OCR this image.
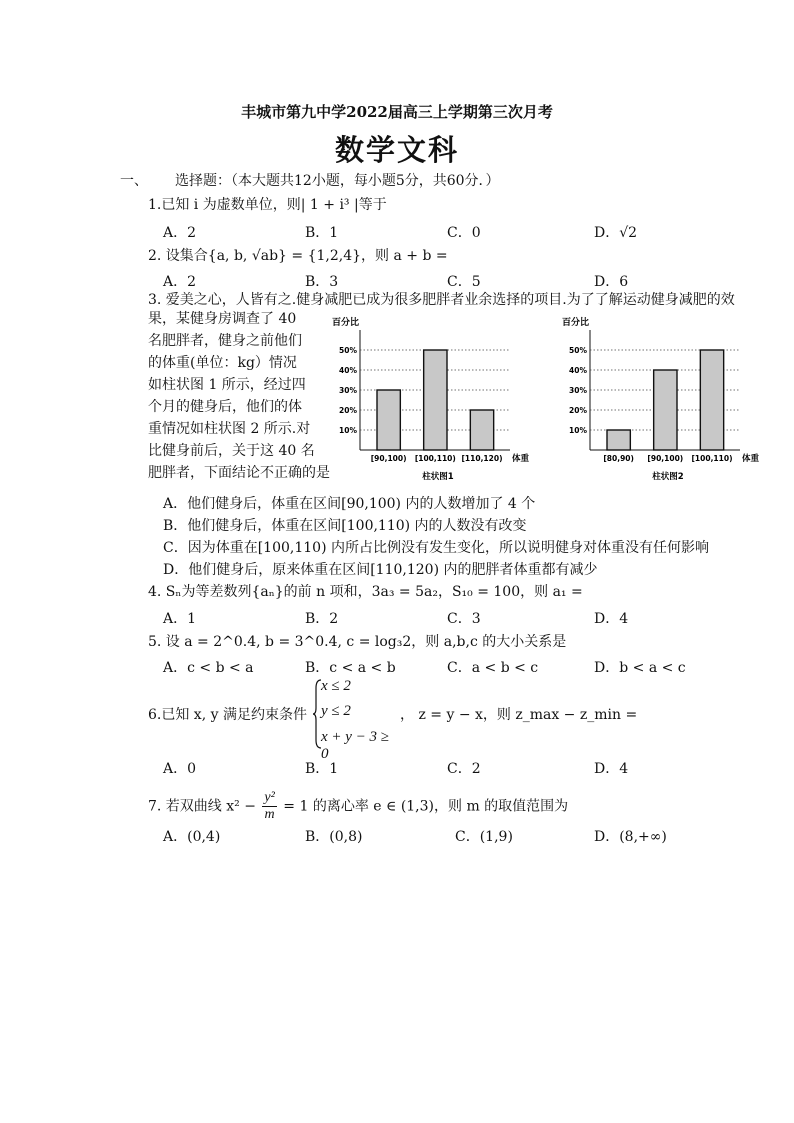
丰城市第九中学2022届高三上学期第三次月考
数学文科
一、 选择题：（本大题共12小题，每小题5分，共60分．）
1.已知 i 为虚数单位，则| 1 + i³ |等于
A．2	B．1	C．0	D．√2
2. 设集合{a, b, √ab} = {1,2,4}，则 a + b =
A．2	B．3	C．5	D．6
3. 爱美之心，人皆有之.健身减肥已成为很多肥胖者业余选择的项目.为了了解运动健身减肥的效
果，某健身房调查了 40
名肥胖者，健身之前他们
的体重(单位：kg）情况
如柱状图 1 所示，经过四
个月的健身后，他们的体
重情况如柱状图 2 所示.对
比健身前后，关于这 40 名
肥胖者，下面结论不正确的是
百分比
10%
20%
30%
40%
50%
[90,100) [100,110) [110,120) 体重
柱状图1
百分比
10%
20%
30%
40%
50%
[80,90) [90,100) [100,110) 体重
柱状图2
A．他们健身后，体重在区间[90,100) 内的人数增加了 4 个
B．他们健身后，体重在区间[100,110) 内的人数没有改变
C．因为体重在[100,110) 内所占比例没有发生变化，所以说明健身对体重没有任何影响
D．他们健身后，原来体重在区间[110,120) 内的肥胖者体重都有减少
4. Sₙ为等差数列{aₙ}的前 n 项和，3a₃ = 5a₂，S₁₀ = 100，则 a₁ =
A．1	B．2	C．3	D．4
5. 设 a = 2^0.4, b = 3^0.4, c = log₃2，则 a,b,c 的大小关系是
A．c < b < a	B．c < a < b	C．a < b < c	D．b < a < c
6.已知 x, y 满足约束条件
x ≤ 2
y ≤ 2
x + y − 3 ≥ 0
， z = y − x，则 z_max − z_min =
A．0	B．1	C．2	D．4
7. 若双曲线 $x^2 - \frac{\text{y²}}{m} = 1$ 的离心率 e ∈ (1,3)，则 m 的取值范围为
A．(0,4)	B．(0,8)	C．(1,9)	D．(8,+∞)
